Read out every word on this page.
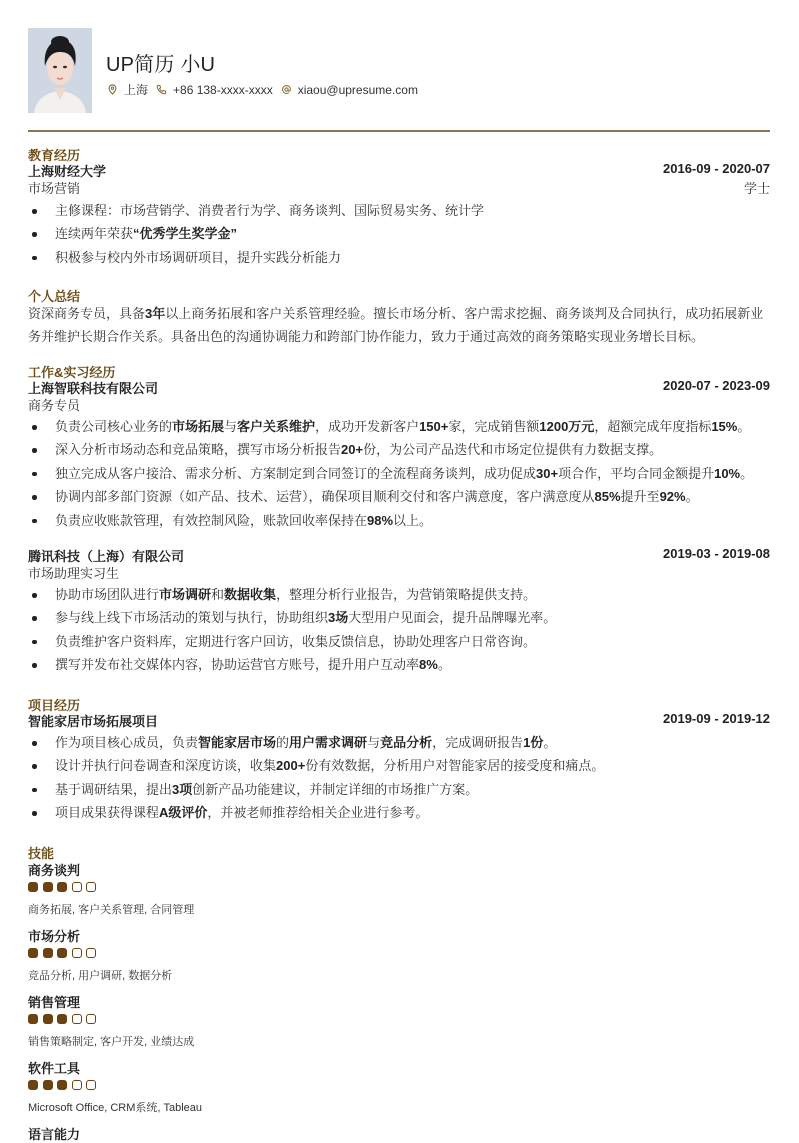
UP简历 小U
上海 +86 138-xxxx-xxxx xiaou@upresume.com
教育经历
上海财经大学	2016-09 - 2020-07
市场营销	学士
主修课程：市场营销学、消费者行为学、商务谈判、国际贸易实务、统计学
连续两年荣获“优秀学生奖学金”
积极参与校内外市场调研项目，提升实践分析能力
个人总结
资深商务专员，具备3年以上商务拓展和客户关系管理经验。擅长市场分析、客户需求挖掘、商务谈判及合同执行，成功拓展新业
务并维护长期合作关系。具备出色的沟通协调能力和跨部门协作能力，致力于通过高效的商务策略实现业务增长目标。
工作&实习经历
上海智联科技有限公司	2020-07 - 2023-09
商务专员
负责公司核心业务的市场拓展与客户关系维护，成功开发新客户150+家，完成销售额1200万元，超额完成年度指标15%。
深入分析市场动态和竞品策略，撰写市场分析报告20+份，为公司产品迭代和市场定位提供有力数据支撑。
独立完成从客户接洽、需求分析、方案制定到合同签订的全流程商务谈判，成功促成30+项合作，平均合同金额提升10%。
协调内部多部门资源（如产品、技术、运营），确保项目顺利交付和客户满意度，客户满意度从85%提升至92%。
负责应收账款管理，有效控制风险，账款回收率保持在98%以上。
腾讯科技（上海）有限公司	2019-03 - 2019-08
市场助理实习生
协助市场团队进行市场调研和数据收集，整理分析行业报告，为营销策略提供支持。
参与线上线下市场活动的策划与执行，协助组织3场大型用户见面会，提升品牌曝光率。
负责维护客户资料库，定期进行客户回访，收集反馈信息，协助处理客户日常咨询。
撰写并发布社交媒体内容，协助运营官方账号，提升用户互动率8%。
项目经历
智能家居市场拓展项目	2019-09 - 2019-12
作为项目核心成员，负责智能家居市场的用户需求调研与竞品分析，完成调研报告1份。
设计并执行问卷调查和深度访谈，收集200+份有效数据，分析用户对智能家居的接受度和痛点。
基于调研结果，提出3项创新产品功能建议，并制定详细的市场推广方案。
项目成果获得课程A级评价，并被老师推荐给相关企业进行参考。
技能
商务谈判
商务拓展, 客户关系管理, 合同管理
市场分析
竞品分析, 用户调研, 数据分析
销售管理
销售策略制定, 客户开发, 业绩达成
软件工具
Microsoft Office, CRM系统, Tableau
语言能力
